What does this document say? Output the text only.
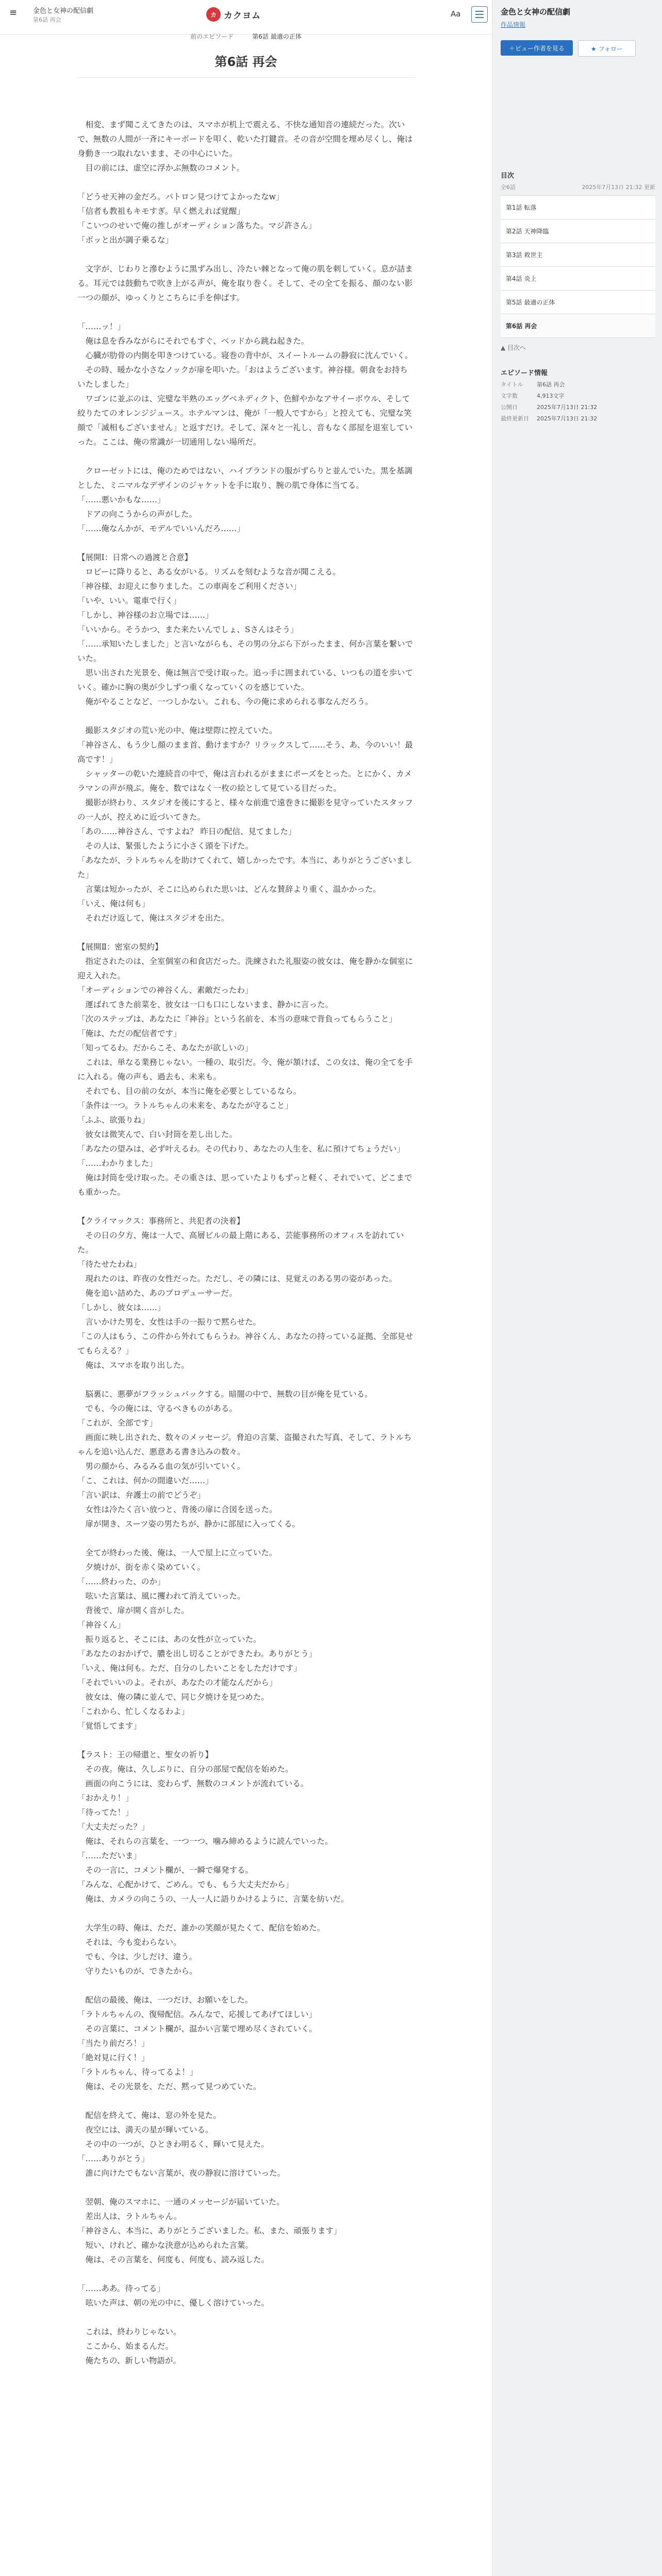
≡ 金色と女神の配信劇
第6話 再会
カ カクヨム	Aa
前のエピソード	第6話 最適の正体
第6話 再会

　相変、まず聞こえてきたのは、スマホが机上で震える、不快な通知音の連続だった。次いで、無数の人間が一斉にキーボードを叩く、乾いた打鍵音。その音が空間を埋め尽くし、俺は身動き一つ取れないまま、その中心にいた。

　目の前には、虚空に浮かぶ無数のコメント。

「どうせ天神の金だろ。パトロン見つけてよかったなw」

「信者も教祖もキモすぎ。早く燃えれば覚醒」

「こいつのせいで俺の推しがオーディション落ちた。マジ許さん」

「ボッと出が調子乗るな」

　文字が、じわりと滲むように黒ずみ出し、冷たい棘となって俺の肌を刺していく。息が詰まる。耳元では鼓動ちで吹き上がる声が、俺を取り巻く。そして、その全てを振る、顔のない影一つの顔が、ゆっくりとこちらに手を伸ばす。

「……ッ！」

　俺は息を呑みながらにそれでもすぐ、ベッドから跳ね起きた。

　心臓が肋骨の内側を叩きつけている。寝巻の背中が、スイートルームの静寂に沈んでいく。

　その時、暖かな小さなノックが扉を叩いた。「おはようございます。神谷様。朝食をお持ちいたしました」

　ワゴンに並ぶのは、完璧な半熟のエッグベネディクト、色鮮やかなアサイーボウル、そして絞りたてのオレンジジュース。ホテルマンは、俺が「一般人ですから」と控えても、完璧な笑顔で「滅相もございません」と返すだけ。そして、深々と一礼し、音もなく部屋を退室していった。ここは、俺の常識が一切通用しない場所だ。

　クローゼットには、俺のためではない、ハイブランドの服がずらりと並んでいた。黒を基調とした、ミニマルなデザインのジャケットを手に取り、腕の肌で身体に当てる。

「……悪いかもな……」

　ドアの向こうからの声がした。

「……俺なんかが、モデルでいいんだろ……」

【展開Ⅰ：日常への過渡と合意】

　ロビーに降りると、ある女がいる。リズムを刻むような音が聞こえる。

「神谷様、お迎えに参りました。この車両をご利用ください」

「いや、いい。電車で行く」

「しかし、神谷様のお立場では……」

「いいから。そうかつ、また来たいんでしょ、Sさんはそう」

「……承知いたしました」と言いながらも、その男の分ぶら下がったまま、何か言葉を繋いでいた。

　思い出された光景を、俺は無言で受け取った。追っ手に囲まれている、いつもの道を歩いていく。確かに胸の奥が少しずつ重くなっていくのを感じていた。

　俺がやることなど、一つしかない。これも、今の俺に求められる事なんだろう。

　撮影スタジオの荒い光の中、俺は壁際に控えていた。

「神谷さん、もう少し顔のまま首、動けますか？リラックスして……そう、あ、今のいい！最高です！」

　シャッターの乾いた連続音の中で、俺は言われるがままにポーズをとった。とにかく、カメラマンの声が飛ぶ。俺を、数ではなく一枚の絵として見ている目だった。

　撮影が終わり、スタジオを後にすると、様々な前進で遠巻きに撮影を見守っていたスタッフの一人が、控えめに近づいてきた。

「あの……神谷さん、ですよね？ 昨日の配信、見てました」

　その人は、緊張したように小さく頭を下げた。

「あなたが、ラトルちゃんを助けてくれて、嬉しかったです。本当に、ありがとうございました」

　言葉は短かったが、そこに込められた思いは、どんな賛辞より重く、温かかった。

「いえ、俺は何も」

　それだけ返して、俺はスタジオを出た。

【展開Ⅱ：密室の契約】

　指定されたのは、全室個室の和食店だった。洗練された礼服姿の彼女は、俺を静かな個室に迎え入れた。

「オーディションでの神谷くん、素敵だったわ」

　運ばれてきた前菜を、彼女は一口も口にしないまま、静かに言った。

「次のステップは、あなたに『神谷』という名前を、本当の意味で背負ってもらうこと」

「俺は、ただの配信者です」

「知ってるわ。だからこそ、あなたが欲しいの」

　これは、単なる業務じゃない。一種の、取引だ。今、俺が頷けば、この女は、俺の全てを手に入れる。俺の声も、過去も、未来も。

　それでも、目の前の女が、本当に俺を必要としているなら。

「条件は一つ。ラトルちゃんの未来を、あなたが守ること」

「ふふ、欲張りね」

　彼女は微笑んで、白い封筒を差し出した。

「あなたの望みは、必ず叶えるわ。その代わり、あなたの人生を、私に預けてちょうだい」

「……わかりました」

　俺は封筒を受け取った。その重さは、思っていたよりもずっと軽く、それでいて、どこまでも重かった。

【クライマックス：事務所と、共犯者の決着】

　その日の夕方、俺は一人で、高層ビルの最上階にある、芸能事務所のオフィスを訪れていた。

「待たせたわね」

　現れたのは、昨夜の女性だった。ただし、その隣には、見覚えのある男の姿があった。

　俺を追い詰めた、あのプロデューサーだ。

「しかし、彼女は……」

　言いかけた男を、女性は手の一振りで黙らせた。

「この人はもう、この件から外れてもらうわ。神谷くん、あなたの持っている証拠、全部見せてもらえる？」

　俺は、スマホを取り出した。

　脳裏に、悪夢がフラッシュバックする。暗闇の中で、無数の目が俺を見ている。

　でも、今の俺には、守るべきものがある。

「これが、全部です」

　画面に映し出された、数々のメッセージ。脅迫の言葉、盗撮された写真、そして、ラトルちゃんを追い込んだ、悪意ある書き込みの数々。

　男の顔から、みるみる血の気が引いていく。

「こ、これは、何かの間違いだ……」

「言い訳は、弁護士の前でどうぞ」

　女性は冷たく言い放つと、背後の扉に合図を送った。

　扉が開き、スーツ姿の男たちが、静かに部屋に入ってくる。

　全てが終わった後、俺は、一人で屋上に立っていた。

　夕焼けが、街を赤く染めていく。

「……終わった、のか」

　呟いた言葉は、風に攫われて消えていった。

　背後で、扉が開く音がした。

「神谷くん」

　振り返ると、そこには、あの女性が立っていた。

「あなたのおかげで、膿を出し切ることができたわ。ありがとう」

「いえ、俺は何も。ただ、自分のしたいことをしただけです」

「それでいいのよ。それが、あなたの才能なんだから」

　彼女は、俺の隣に並んで、同じ夕焼けを見つめた。

「これから、忙しくなるわよ」

「覚悟してます」

【ラスト：王の帰還と、聖女の祈り】

　その夜。俺は、久しぶりに、自分の部屋で配信を始めた。

　画面の向こうには、変わらず、無数のコメントが流れている。

「おかえり！」

「待ってた！」

「大丈夫だった？」

　俺は、それらの言葉を、一つ一つ、噛み締めるように読んでいった。

「……ただいま」

　その一言に、コメント欄が、一瞬で爆発する。

「みんな、心配かけて、ごめん。でも、もう大丈夫だから」

　俺は、カメラの向こうの、一人一人に語りかけるように、言葉を紡いだ。

　大学生の時、俺は、ただ、誰かの笑顔が見たくて、配信を始めた。

　それは、今も変わらない。

　でも、今は、少しだけ、違う。

　守りたいものが、できたから。

　配信の最後、俺は、一つだけ、お願いをした。

「ラトルちゃんの、復帰配信。みんなで、応援してあげてほしい」

　その言葉に、コメント欄が、温かい言葉で埋め尽くされていく。

「当たり前だろ！」

「絶対見に行く！」

「ラトルちゃん、待ってるよ！」

　俺は、その光景を、ただ、黙って見つめていた。

　配信を終えて、俺は、窓の外を見た。

　夜空には、満天の星が輝いている。

　その中の一つが、ひときわ明るく、輝いて見えた。

「……ありがとう」

　誰に向けたでもない言葉が、夜の静寂に溶けていった。

　翌朝、俺のスマホに、一通のメッセージが届いていた。

　差出人は、ラトルちゃん。

「神谷さん、本当に、ありがとうございました。私、また、頑張ります」

　短い、けれど、確かな決意が込められた言葉。

　俺は、その言葉を、何度も、何度も、読み返した。

「……ああ。待ってる」

　呟いた声は、朝の光の中に、優しく溶けていった。

　これは、終わりじゃない。

　ここから、始まるんだ。

　俺たちの、新しい物語が。

金色と女神の配信劇
作品情報
＋ビュー作者を見る	★ フォロー
目次
全6話	2025年7月13日 21:32 更新
第1話 転落
第2話 天神降臨
第3話 救世主
第4話 炎上
第5話 最適の正体
第6話 再会
▲ 目次へ
エピソード情報
タイトル	第6話 再会
文字数	4,913文字
公開日	2025年7月13日 21:32
最終更新日	2025年7月13日 21:32
